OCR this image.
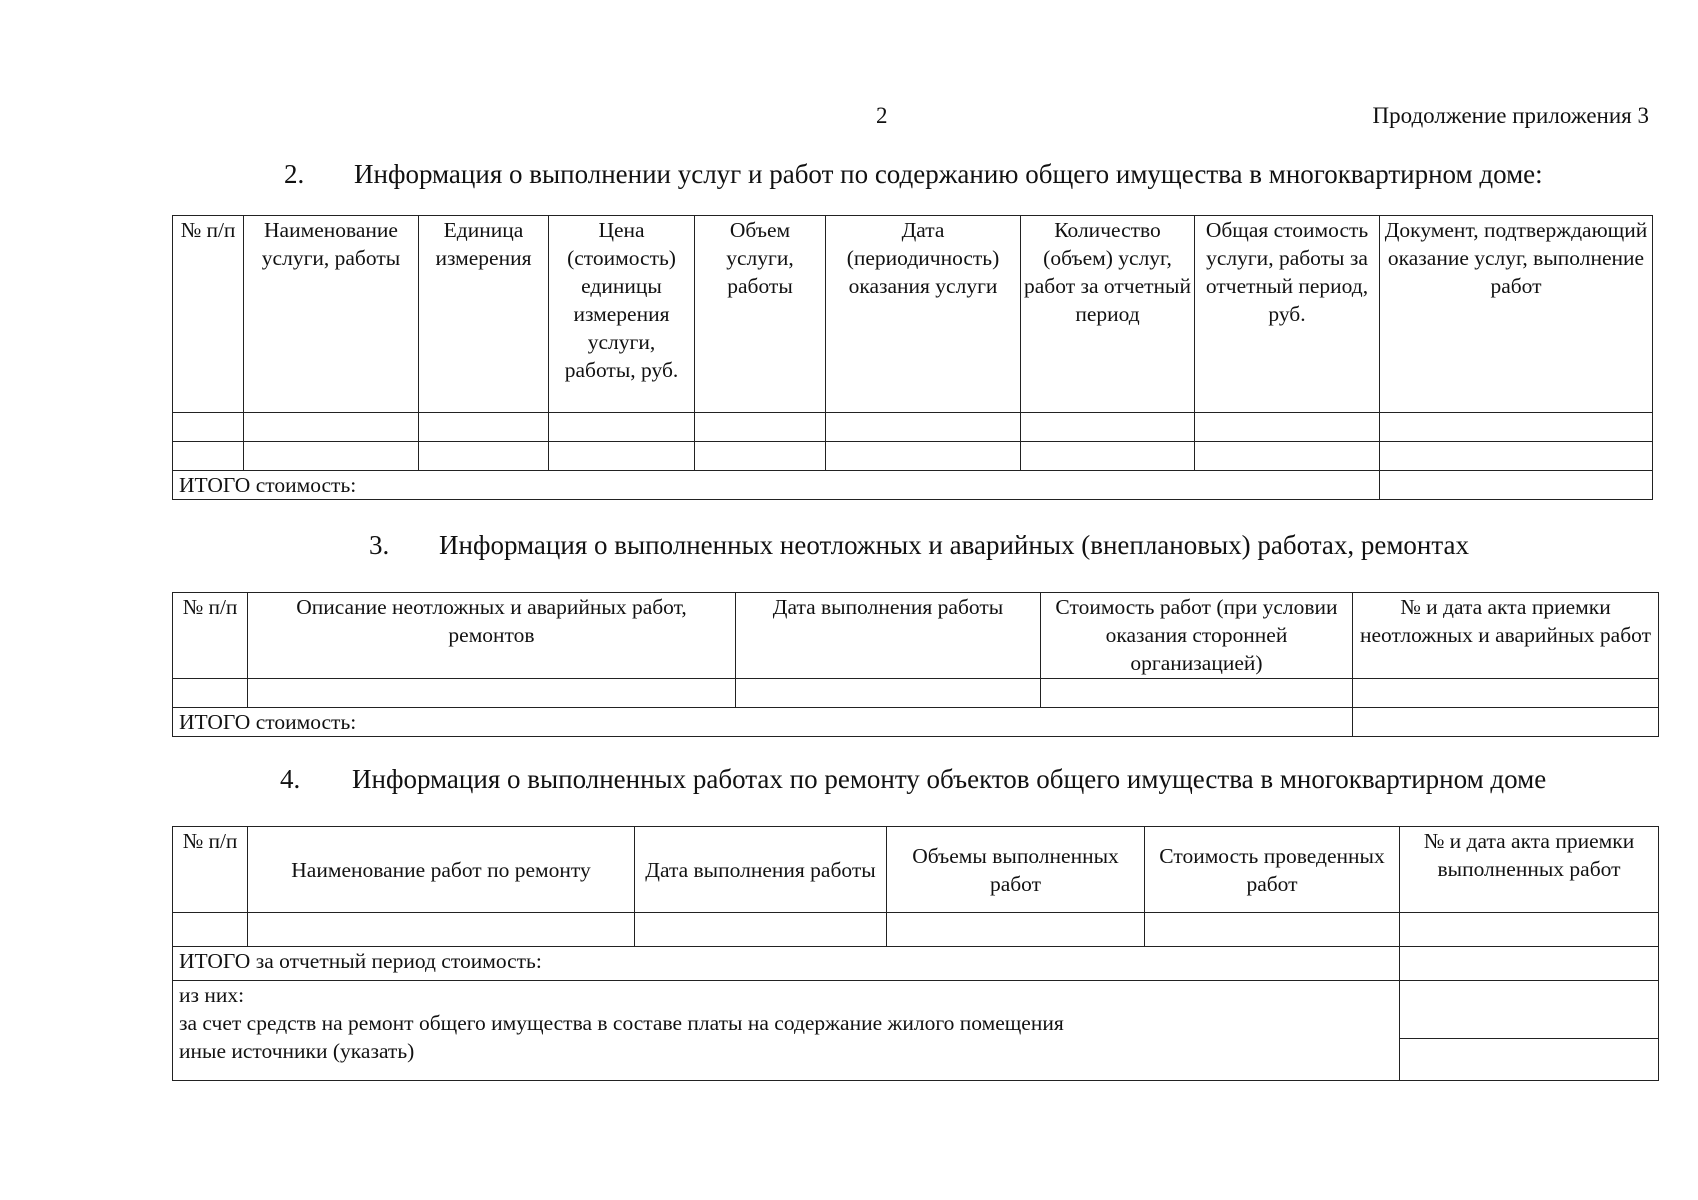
2	Продолжение приложения 3
2. Информация о выполнении услуг и работ по содержанию общего имущества в многоквартирном доме:
№ п/п	Наименование услуги, работы	Единица измерения	Цена (стоимость) единицы измерения услуги, работы, руб.	Объем услуги, работы	Дата (периодичность) оказания услуги	Количество (объем) услуг, работ за отчетный период	Общая стоимость услуги, работы за отчетный период, руб.	Документ, подтверждающий оказание услуг, выполнение работ

ИТОГО стоимость:								
3. Информация о выполненных неотложных и аварийных (внеплановых) работах, ремонтах
№ п/п	Описание неотложных и аварийных работ, ремонтов	Дата выполнения работы	Стоимость работ (при условии оказания сторонней организацией)	№ и дата акта приемки неотложных и аварийных работ

ИТОГО стоимость:				
4. Информация о выполненных работах по ремонту объектов общего имущества в многоквартирном доме
№ п/п	Наименование работ по ремонту	Дата выполнения работы	Объемы выполненных работ	Стоимость проведенных работ	№ и дата акта приемки выполненных работ

ИТОГО за отчетный период стоимость:					

из них:
за счет средств на ремонт общего имущества в составе платы на содержание жилого помещения
иные источники (указать)					
